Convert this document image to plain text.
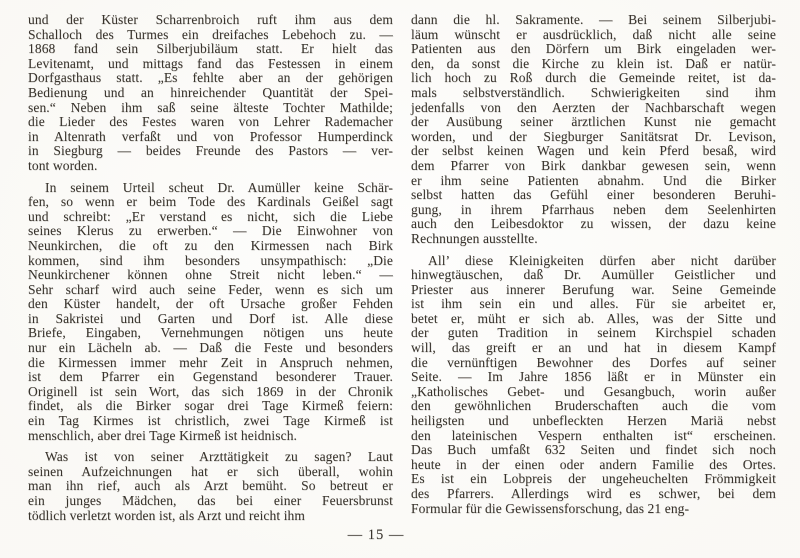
und der Küster Scharrenbroich ruft ihm aus dem
Schalloch des Turmes ein dreifaches Lebehoch zu. —
1868 fand sein Silberjubiläum statt. Er hielt das
Levitenamt, und mittags fand das Festessen in einem
Dorfgasthaus statt. „Es fehlte aber an der gehörigen
Bedienung und an hinreichender Quantität der Spei-
sen.“ Neben ihm saß seine älteste Tochter Mathilde;
die Lieder des Festes waren von Lehrer Rademacher
in Altenrath verfaßt und von Professor Humperdinck
in Siegburg — beides Freunde des Pastors — ver-
tont worden.
In seinem Urteil scheut Dr. Aumüller keine Schär-
fen, so wenn er beim Tode des Kardinals Geißel sagt
und schreibt: „Er verstand es nicht, sich die Liebe
seines Klerus zu erwerben.“ — Die Einwohner von
Neunkirchen, die oft zu den Kirmessen nach Birk
kommen, sind ihm besonders unsympathisch: „Die
Neunkirchener können ohne Streit nicht leben.“ —
Sehr scharf wird auch seine Feder, wenn es sich um
den Küster handelt, der oft Ursache großer Fehden
in Sakristei und Garten und Dorf ist. Alle diese
Briefe, Eingaben, Vernehmungen nötigen uns heute
nur ein Lächeln ab. — Daß die Feste und besonders
die Kirmessen immer mehr Zeit in Anspruch nehmen,
ist dem Pfarrer ein Gegenstand besonderer Trauer.
Originell ist sein Wort, das sich 1869 in der Chronik
findet, als die Birker sogar drei Tage Kirmeß feiern:
ein Tag Kirmes ist christlich, zwei Tage Kirmeß ist
menschlich, aber drei Tage Kirmeß ist heidnisch.
Was ist von seiner Arzttätigkeit zu sagen? Laut
seinen Aufzeichnungen hat er sich überall, wohin
man ihn rief, auch als Arzt bemüht. So betreut er
ein junges Mädchen, das bei einer Feuersbrunst
tödlich verletzt worden ist, als Arzt und reicht ihm
dann die hl. Sakramente. — Bei seinem Silberjubi-
läum wünscht er ausdrücklich, daß nicht alle seine
Patienten aus den Dörfern um Birk eingeladen wer-
den, da sonst die Kirche zu klein ist. Daß er natür-
lich hoch zu Roß durch die Gemeinde reitet, ist da-
mals selbstverständlich. Schwierigkeiten sind ihm
jedenfalls von den Aerzten der Nachbarschaft wegen
der Ausübung seiner ärztlichen Kunst nie gemacht
worden, und der Siegburger Sanitätsrat Dr. Levison,
der selbst keinen Wagen und kein Pferd besaß, wird
dem Pfarrer von Birk dankbar gewesen sein, wenn
er ihm seine Patienten abnahm. Und die Birker
selbst hatten das Gefühl einer besonderen Beruhi-
gung, in ihrem Pfarrhaus neben dem Seelenhirten
auch den Leibesdoktor zu wissen, der dazu keine
Rechnungen ausstellte.
All’ diese Kleinigkeiten dürfen aber nicht darüber
hinwegtäuschen, daß Dr. Aumüller Geistlicher und
Priester aus innerer Berufung war. Seine Gemeinde
ist ihm sein ein und alles. Für sie arbeitet er,
betet er, müht er sich ab. Alles, was der Sitte und
der guten Tradition in seinem Kirchspiel schaden
will, das greift er an und hat in diesem Kampf
die vernünftigen Bewohner des Dorfes auf seiner
Seite. — Im Jahre 1856 läßt er in Münster ein
„Katholisches Gebet- und Gesangbuch, worin außer
den gewöhnlichen Bruderschaften auch die vom
heiligsten und unbefleckten Herzen Mariä nebst
den lateinischen Vespern enthalten ist“ erscheinen.
Das Buch umfaßt 632 Seiten und findet sich noch
heute in der einen oder andern Familie des Ortes.
Es ist ein Lobpreis der ungeheuchelten Frömmigkeit
des Pfarrers. Allerdings wird es schwer, bei dem
Formular für die Gewissensforschung, das 21 eng-
— 15 —
